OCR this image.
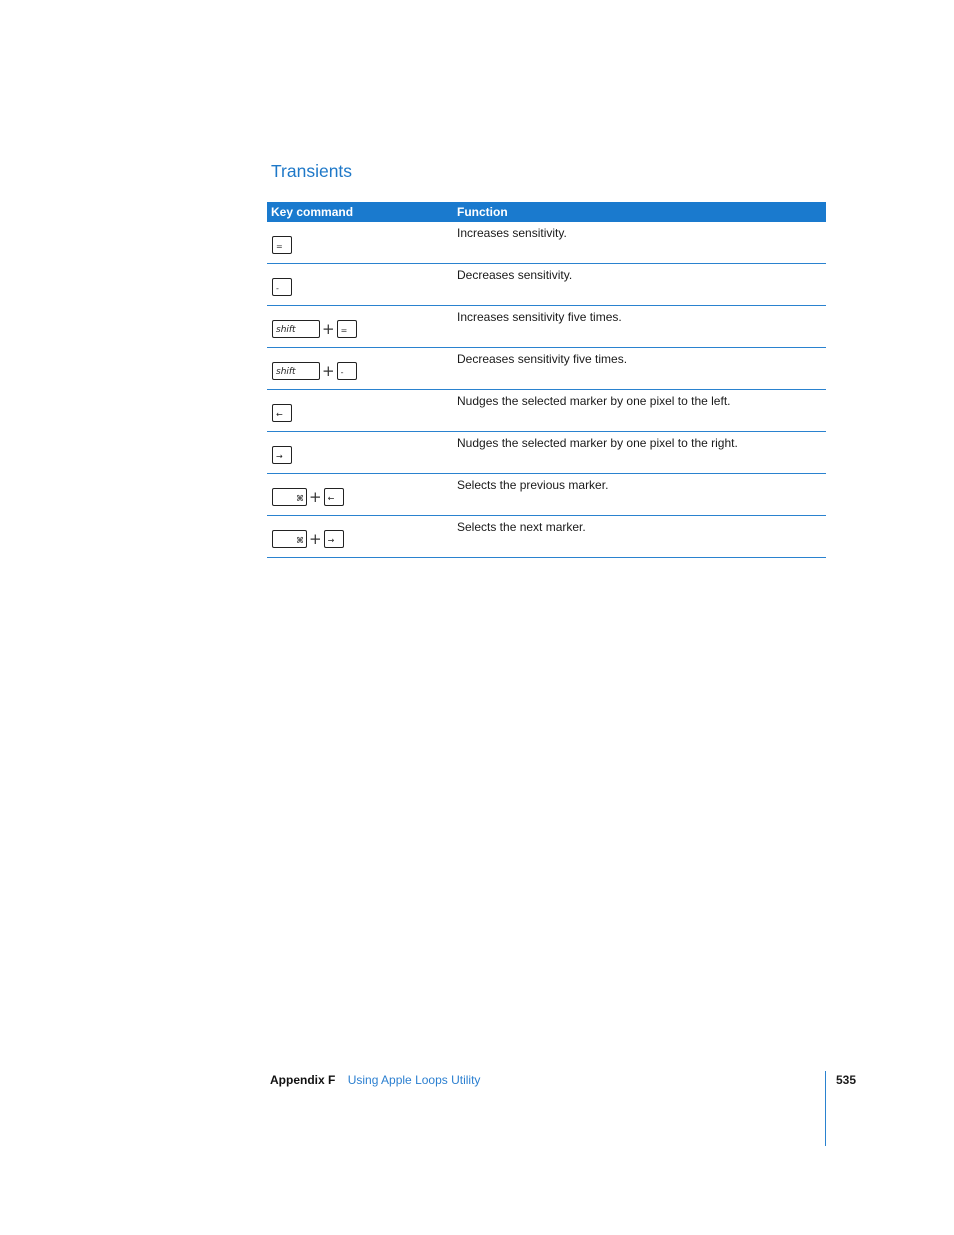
Transients
Key command	Function
=
Increases sensitivity.
-
Decreases sensitivity.
shift + =
Increases sensitivity five times.
shift + -
Decreases sensitivity five times.
←
Nudges the selected marker by one pixel to the left.
→
Nudges the selected marker by one pixel to the right.
⌘ + ←
Selects the previous marker.
⌘ + →
Selects the next marker.
Appendix F Using Apple Loops Utility	535
